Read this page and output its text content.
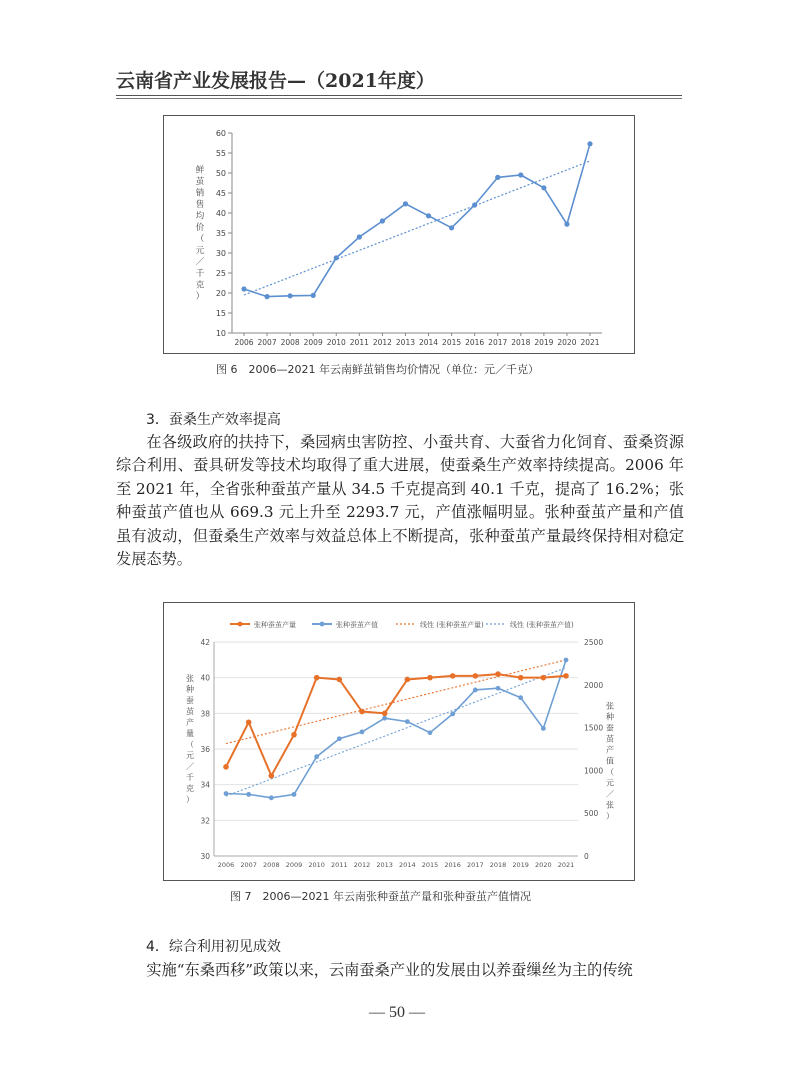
云南省产业发展报告—（2021年度）
10
15
20
25
30
35
40
45
50
55
60
2006 2007 2008 2009 2010 2011 2012 2013 2014 2015 2016 2017 2018 2019 2020 2021
鲜
茧
销
售
均
价
（
元
／
千
克
）
图 6　2006—2021 年云南鲜茧销售均价情况（单位：元／千克）
3．蚕桑生产效率提高

在各级政府的扶持下，桑园病虫害防控、小蚕共育、大蚕省力化饲育、蚕桑资源综合利用、蚕具研发等技术均取得了重大进展，使蚕桑生产效率持续提高。2006 年至 2021 年，全省张种蚕茧产量从 34.5 千克提高到 40.1 千克，提高了 16.2%；张种蚕茧产值也从 669.3 元上升至 2293.7 元，产值涨幅明显。张种蚕茧产量和产值虽有波动，但蚕桑生产效率与效益总体上不断提高，张种蚕茧产量最终保持相对稳定发展态势。

30
32
34
36
38
40
42
0
500
1000
1500
2000
2500
2006 2007 2008 2009 2010 2011 2012 2013 2014 2015 2016 2017 2018 2019 2020 2021
张
种
蚕
茧
产
量
（
元
／
千
克
）
张
种
蚕
茧
产
值
（
元
／
张
）
张种蚕茧产量	张种蚕茧产值	线性 (张种蚕茧产量)	线性 (张种蚕茧产值)
图 7　2006—2021 年云南张种蚕茧产量和张种蚕茧产值情况
4．综合利用初见成效

实施“东桑西移”政策以来，云南蚕桑产业的发展由以养蚕缫丝为主的传统

— 50 —
